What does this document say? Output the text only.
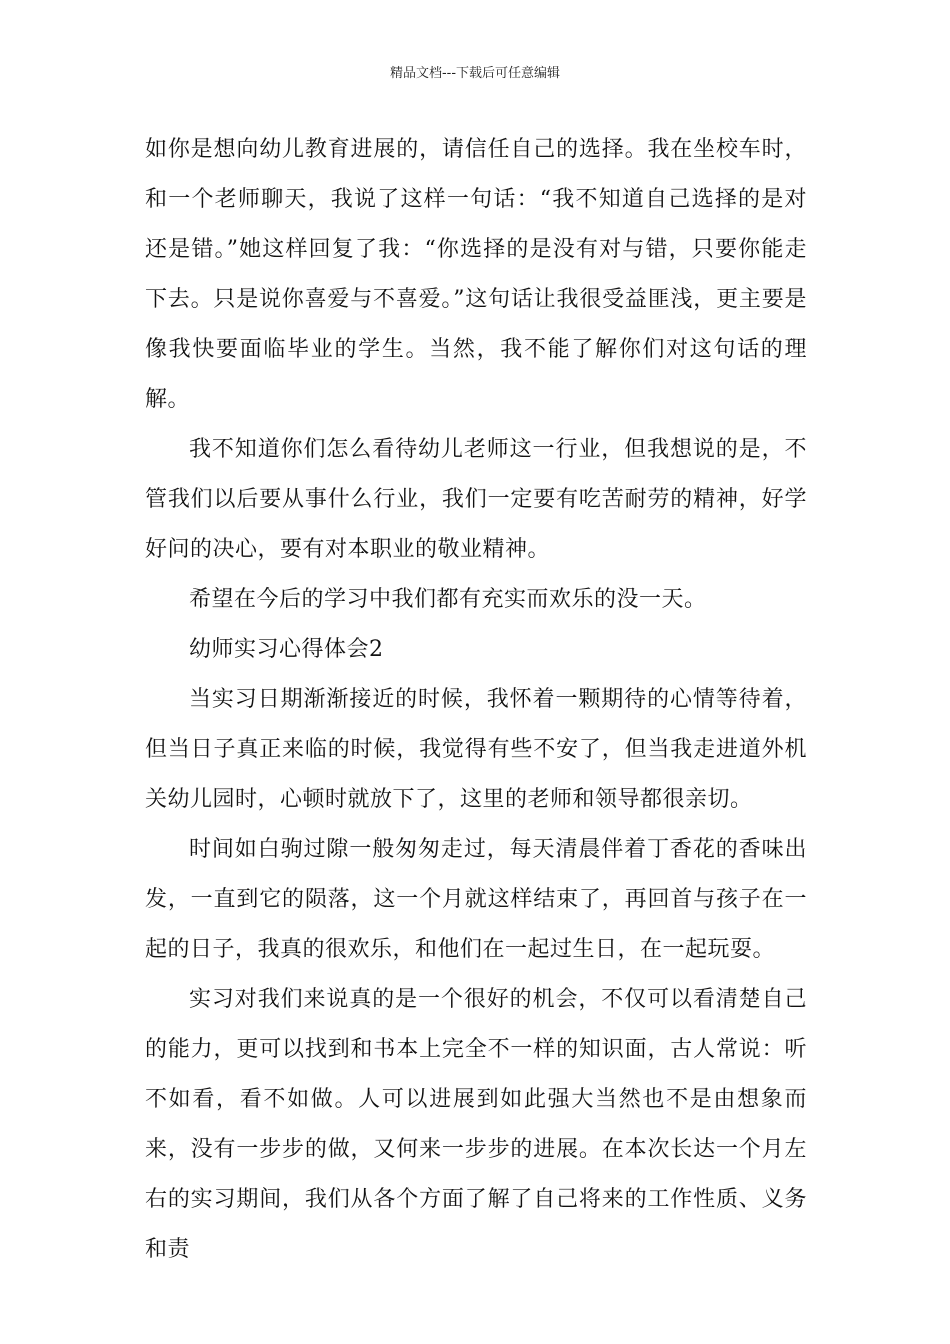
精品文档---下载后可任意编辑

如你是想向幼儿教育进展的，请信任自己的选择。我在坐校车时，和一个老师聊天，我说了这样一句话：“我不知道自己选择的是对还是错。”她这样回复了我：“你选择的是没有对与错，只要你能走下去。只是说你喜爱与不喜爱。”这句话让我很受益匪浅，更主要是像我快要面临毕业的学生。当然，我不能了解你们对这句话的理解。

我不知道你们怎么看待幼儿老师这一行业，但我想说的是，不管我们以后要从事什么行业，我们一定要有吃苦耐劳的精神，好学好问的决心，要有对本职业的敬业精神。

希望在今后的学习中我们都有充实而欢乐的没一天。

幼师实习心得体会2

当实习日期渐渐接近的时候，我怀着一颗期待的心情等待着，但当日子真正来临的时候，我觉得有些不安了，但当我走进道外机关幼儿园时，心顿时就放下了，这里的老师和领导都很亲切。

时间如白驹过隙一般匆匆走过，每天清晨伴着丁香花的香味出发，一直到它的陨落，这一个月就这样结束了，再回首与孩子在一起的日子，我真的很欢乐，和他们在一起过生日，在一起玩耍。

实习对我们来说真的是一个很好的机会，不仅可以看清楚自己的能力，更可以找到和书本上完全不一样的知识面，古人常说：听不如看，看不如做。人可以进展到如此强大当然也不是由想象而来，没有一步步的做，又何来一步步的进展。在本次长达一个月左右的实习期间，我们从各个方面了解了自己将来的工作性质、义务和责
